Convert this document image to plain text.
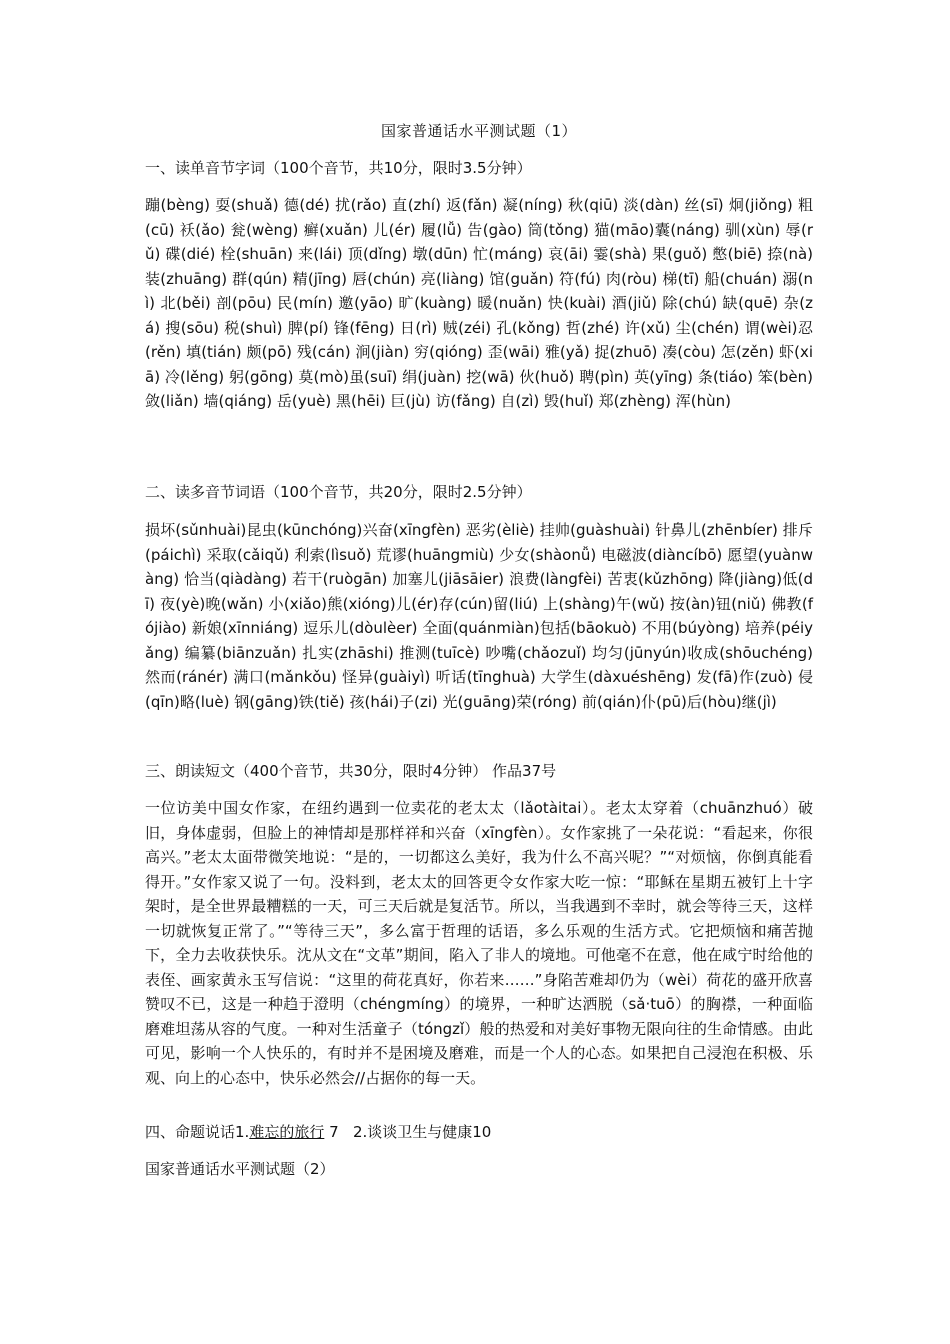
国家普通话水平测试题（1）
一、读单音节字词（100个音节，共10分，限时3.5分钟）
蹦(bèng) 耍(shuǎ) 德(dé) 扰(rǎo) 直(zhí) 返(fǎn) 凝(níng) 秋(qiū) 淡(dàn) 丝(sī) 炯(jiǒng) 粗(cū) 袄(ǎo) 瓮(wèng) 癣(xuǎn) 儿(ér) 履(lǚ) 告(gào) 筒(tǒng) 猫(māo)囊(náng) 驯(xùn) 辱(rǔ) 碟(dié) 栓(shuān) 来(lái) 顶(dǐng) 墩(dūn) 忙(máng) 哀(āi) 霎(shà) 果(guǒ) 憋(biē) 捺(nà) 装(zhuāng) 群(qún) 精(jīng) 唇(chún) 亮(liàng) 馆(guǎn) 符(fú) 肉(ròu) 梯(tī) 船(chuán) 溺(nì) 北(běi) 剖(pōu) 民(mín) 邀(yāo) 旷(kuàng) 暖(nuǎn) 快(kuài) 酒(jiǔ) 除(chú) 缺(quē) 杂(zá) 搜(sōu) 税(shuì) 脾(pí) 锋(fēng) 日(rì) 贼(zéi) 孔(kǒng) 哲(zhé) 许(xǔ) 尘(chén) 谓(wèi)忍(rěn) 填(tián) 颇(pō) 残(cán) 涧(jiàn) 穷(qióng) 歪(wāi) 雅(yǎ) 捉(zhuō) 凑(còu) 怎(zěn) 虾(xiā) 冷(lěng) 躬(gōng) 莫(mò)虽(suī) 绢(juàn) 挖(wā) 伙(huǒ) 聘(pìn) 英(yīng) 条(tiáo) 笨(bèn) 敛(liǎn) 墙(qiáng) 岳(yuè) 黑(hēi) 巨(jù) 访(fǎng) 自(zì) 毁(huǐ) 郑(zhèng) 浑(hùn)
二、读多音节词语（100个音节，共20分，限时2.5分钟）
损坏(sǔnhuài)昆虫(kūnchóng)兴奋(xīngfèn) 恶劣(èliè) 挂帅(guàshuài) 针鼻儿(zhēnbíer) 排斥(páichì) 采取(cǎiqǔ) 利索(lìsuǒ) 荒谬(huāngmiù) 少女(shàonǚ) 电磁波(diàncíbō) 愿望(yuànwàng) 恰当(qiàdàng) 若干(ruògān) 加塞儿(jiāsāier) 浪费(làngfèi) 苦衷(kǔzhōng) 降(jiàng)低(dī) 夜(yè)晚(wǎn) 小(xiǎo)熊(xióng)儿(ér)存(cún)留(liú) 上(shàng)午(wǔ) 按(àn)钮(niǔ) 佛教(fójiào) 新娘(xīnniáng) 逗乐儿(dòulèer) 全面(quánmiàn)包括(bāokuò) 不用(búyòng) 培养(péiyǎng) 编纂(biānzuǎn) 扎实(zhāshi) 推测(tuīcè) 吵嘴(chǎozuǐ) 均匀(jūnyún)收成(shōuchéng) 然而(ránér) 满口(mǎnkǒu) 怪异(guàiyì) 听话(tīnghuà) 大学生(dàxuéshēng) 发(fā)作(zuò) 侵(qīn)略(luè) 钢(gāng)铁(tiě) 孩(hái)子(zi) 光(guāng)荣(róng) 前(qián)仆(pū)后(hòu)继(jì)
三、朗读短文（400个音节，共30分，限时4分钟） 作品37号
一位访美中国女作家，在纽约遇到一位卖花的老太太（lǎotàitai）。老太太穿着（chuānzhuó）破旧，身体虚弱，但脸上的神情却是那样祥和兴奋（xīngfèn）。女作家挑了一朵花说：“看起来，你很高兴。”老太太面带微笑地说：“是的，一切都这么美好，我为什么不高兴呢？”“对烦恼，你倒真能看得开。”女作家又说了一句。没料到，老太太的回答更令女作家大吃一惊：“耶稣在星期五被钉上十字架时，是全世界最糟糕的一天，可三天后就是复活节。所以，当我遇到不幸时，就会等待三天，这样一切就恢复正常了。”“等待三天”，多么富于哲理的话语，多么乐观的生活方式。它把烦恼和痛苦抛下，全力去收获快乐。沈从文在“文革”期间，陷入了非人的境地。可他毫不在意，他在咸宁时给他的表侄、画家黄永玉写信说：“这里的荷花真好，你若来……”身陷苦难却仍为（wèi）荷花的盛开欣喜赞叹不已，这是一种趋于澄明（chéngmíng）的境界，一种旷达洒脱（sǎ·tuō）的胸襟，一种面临磨难坦荡从容的气度。一种对生活童子（tóngzǐ）般的热爱和对美好事物无限向往的生命情感。由此可见，影响一个人快乐的，有时并不是困境及磨难，而是一个人的心态。如果把自己浸泡在积极、乐观、向上的心态中，快乐必然会//占据你的每一天。
四、命题说话1.难忘的旅行 7   2.谈谈卫生与健康10
国家普通话水平测试题（2）
